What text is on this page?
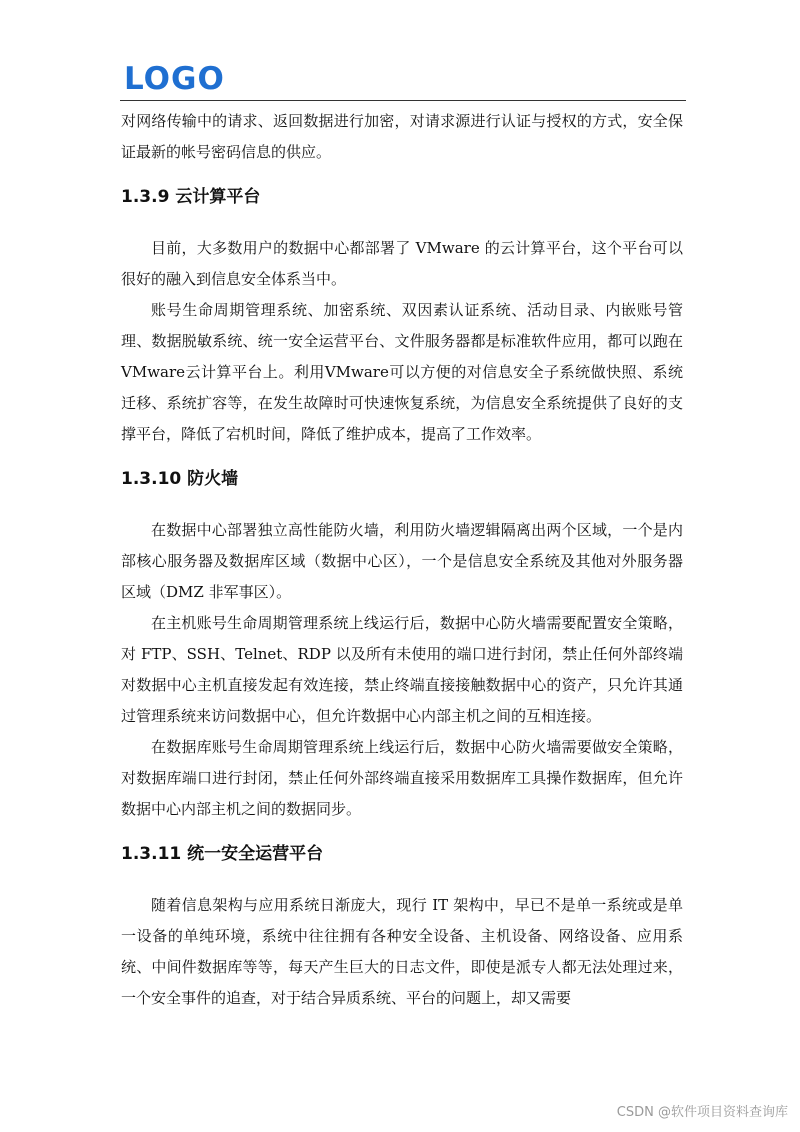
LOGO

对网络传输中的请求、返回数据进行加密，对请求源进行认证与授权的方式，安全保证最新的帐号密码信息的供应。

1.3.9 云计算平台

目前，大多数用户的数据中心都部署了 VMware 的云计算平台，这个平台可以很好的融入到信息安全体系当中。

账号生命周期管理系统、加密系统、双因素认证系统、活动目录、内嵌账号管理、数据脱敏系统、统一安全运营平台、文件服务器都是标准软件应用，都可以跑在VMware云计算平台上。利用VMware可以方便的对信息安全子系统做快照、系统迁移、系统扩容等，在发生故障时可快速恢复系统，为信息安全系统提供了良好的支撑平台，降低了宕机时间，降低了维护成本，提高了工作效率。

1.3.10 防火墙

在数据中心部署独立高性能防火墙，利用防火墙逻辑隔离出两个区域，一个是内部核心服务器及数据库区域（数据中心区），一个是信息安全系统及其他对外服务器区域（DMZ 非军事区）。

在主机账号生命周期管理系统上线运行后，数据中心防火墙需要配置安全策略，对 FTP、SSH、Telnet、RDP 以及所有未使用的端口进行封闭，禁止任何外部终端对数据中心主机直接发起有效连接，禁止终端直接接触数据中心的资产，只允许其通过管理系统来访问数据中心，但允许数据中心内部主机之间的互相连接。

在数据库账号生命周期管理系统上线运行后，数据中心防火墙需要做安全策略，对数据库端口进行封闭，禁止任何外部终端直接采用数据库工具操作数据库，但允许数据中心内部主机之间的数据同步。

1.3.11 统一安全运营平台

随着信息架构与应用系统日渐庞大，现行 IT 架构中，早已不是单一系统或是单一设备的单纯环境，系统中往往拥有各种安全设备、主机设备、网络设备、应用系统、中间件数据库等等，每天产生巨大的日志文件，即使是派专人都无法处理过来，一个安全事件的追查，对于结合异质系统、平台的问题上，却又需要

CSDN @软件项目资料查询库
